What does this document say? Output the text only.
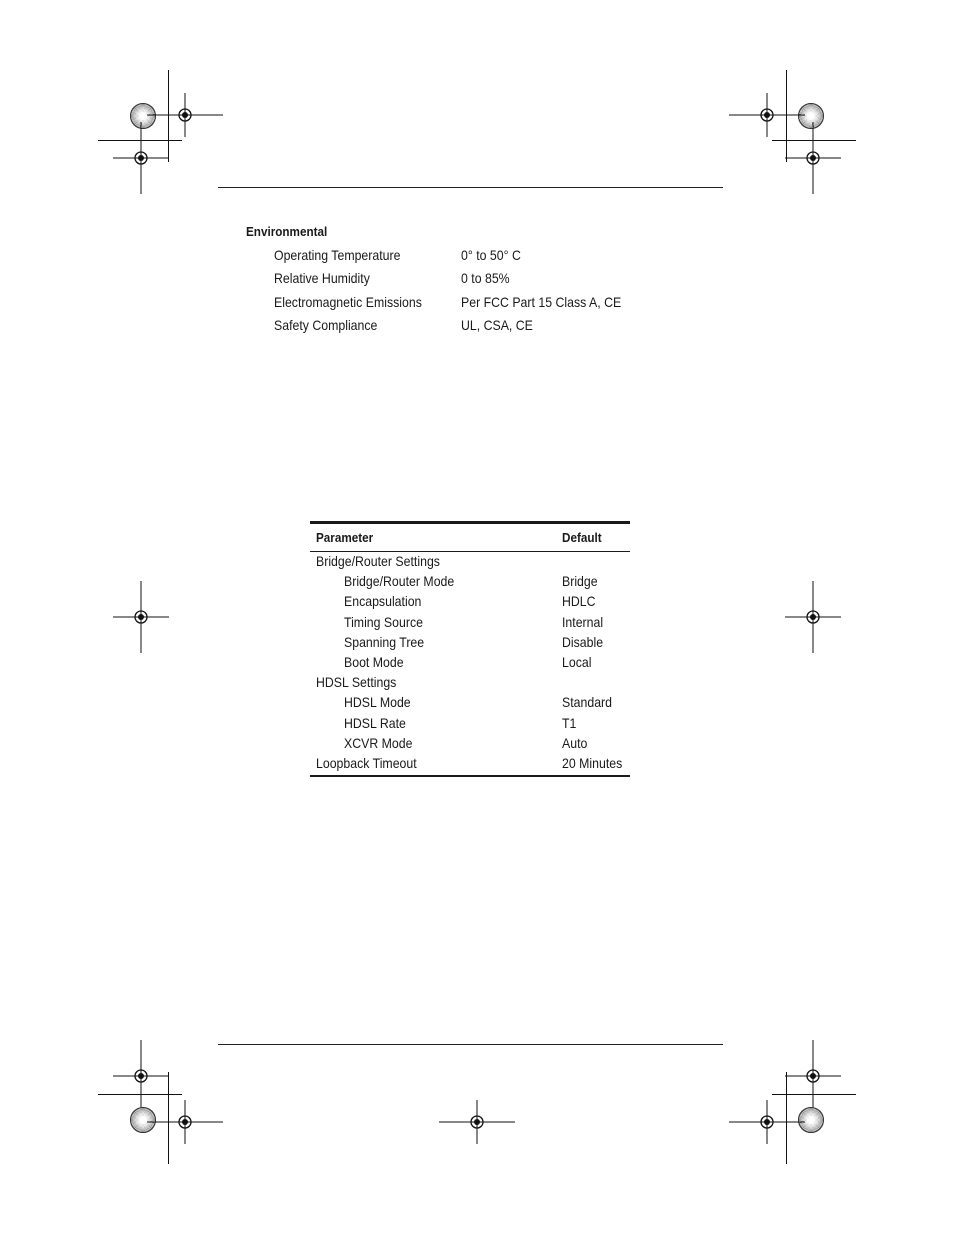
Environmental
Operating Temperature	0° to 50° C
Relative Humidity	0 to 85%
Electromagnetic Emissions	Per FCC Part 15 Class A, CE
Safety Compliance	UL, CSA, CE
Parameter	Default
Bridge/Router Settings
Bridge/Router Mode	Bridge
Encapsulation	HDLC
Timing Source	Internal
Spanning Tree	Disable
Boot Mode	Local
HDSL Settings
HDSL Mode	Standard
HDSL Rate	T1
XCVR Mode	Auto
Loopback Timeout	20 Minutes
